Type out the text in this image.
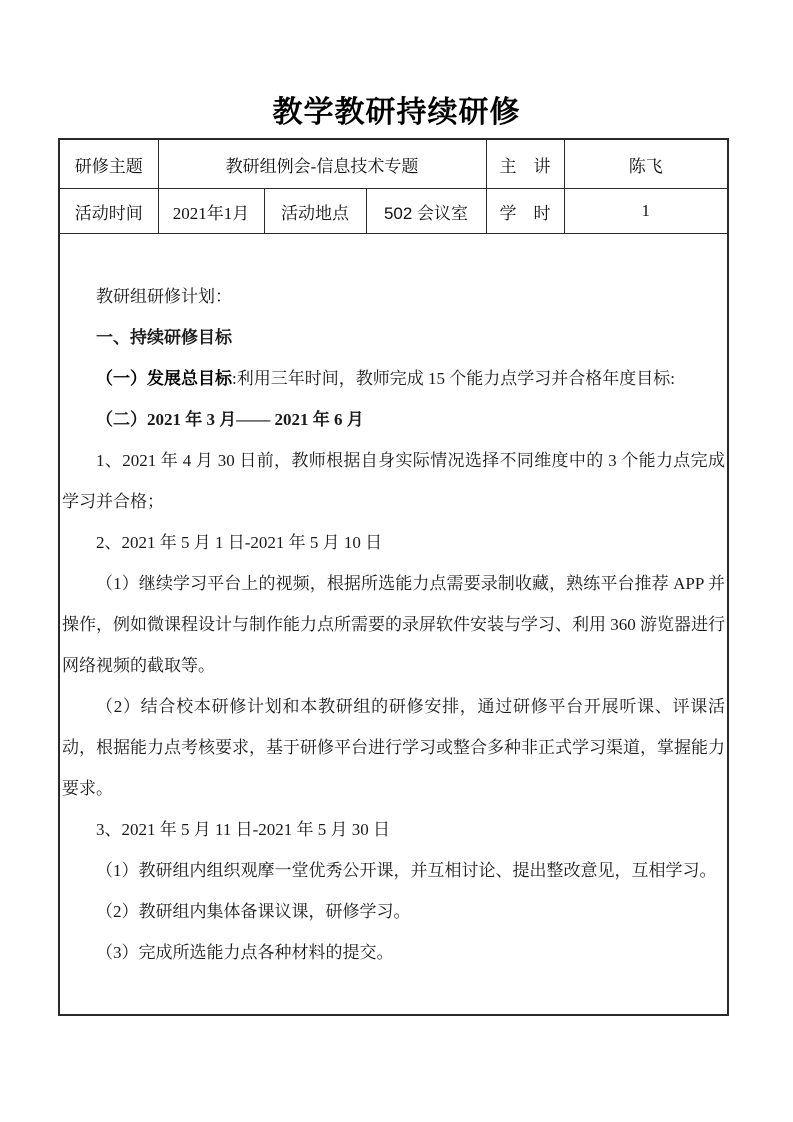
教学教研持续研修
研修主题	教研组例会-信息技术专题			主　讲	陈飞
活动时间	2021年1月	活动地点	502 会议室	学　时	1

教研组研修计划：

一、持续研修目标

（一）发展总目标:利用三年时间，教师完成 15 个能力点学习并合格年度目标:

（二）2021 年 3 月—— 2021 年 6 月

1、2021 年 4 月 30 日前，教师根据自身实际情况选择不同维度中的 3 个能力点完成学习并合格；

2、2021 年 5 月 1 日-2021 年 5 月 10 日

（1）继续学习平台上的视频，根据所选能力点需要录制收藏，熟练平台推荐 APP 并操作，例如微课程设计与制作能力点所需要的录屏软件安装与学习、利用 360 游览器进行网络视频的截取等。

（2）结合校本研修计划和本教研组的研修安排，通过研修平台开展听课、评课活动，根据能力点考核要求，基于研修平台进行学习或整合多种非正式学习渠道，掌握能力要求。

3、2021 年 5 月 11 日-2021 年 5 月 30 日

（1）教研组内组织观摩一堂优秀公开课，并互相讨论、提出整改意见，互相学习。

（2）教研组内集体备课议课，研修学习。

（3）完成所选能力点各种材料的提交。
